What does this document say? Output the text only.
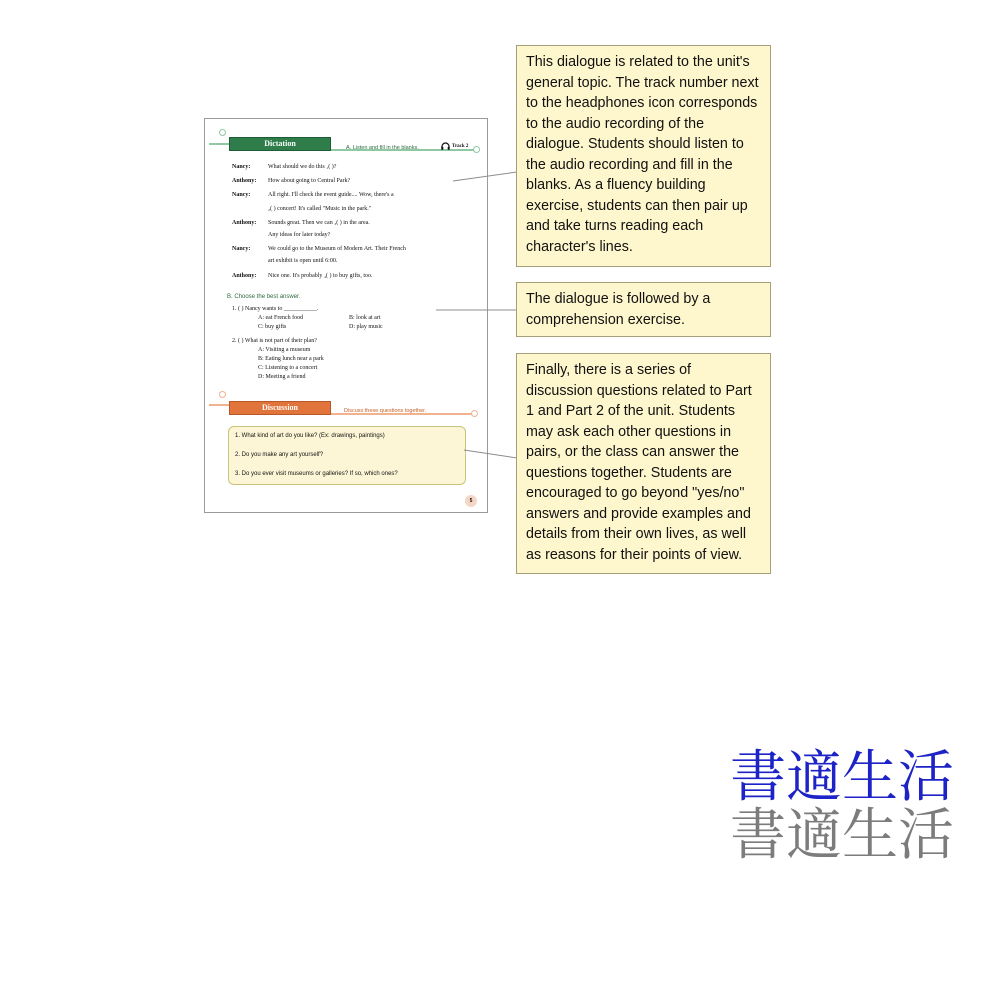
Dictation	A. Listen and fill in the blanks.	Track 2
Nancy:	What should we do this ₁( )?
Anthony: How about going to Central Park?
Nancy:	All right. I'll check the event guide.... Wow, there's a
₂( ) concert! It's called "Music in the park."
Anthony: Sounds great. Then we can ₃( ) in the area.
Any ideas for later today?
Nancy:	We could go to the Museum of Modern Art. Their French
art exhibit is open until 6:00.
Anthony: Nice one. It's probably ₄( ) to buy gifts, too.
B. Choose the best answer.
1. ( ) Nancy wants to ___________.
A: eat French food	B: look at art
C: buy gifts	D: play music
2. ( ) What is not part of their plan?
A: Visiting a museum
B: Eating lunch near a park
C: Listening to a concert
D: Meeting a friend
Discussion	Discuss these questions together.
1. What kind of art do you like? (Ex: drawings, paintings)
2. Do you make any art yourself?
3. Do you ever visit museums or galleries? If so, which ones?
5
This dialogue is related to the unit's general topic. The track number next to the headphones icon corresponds to the audio recording of the dialogue. Students should listen to the audio recording and fill in the blanks. As a fluency building exercise, students can then pair up and take turns reading each character's lines.
The dialogue is followed by a comprehension exercise.
Finally, there is a series of discussion questions related to Part 1 and Part 2 of the unit. Students may ask each other questions in pairs, or the class can answer the questions together. Students are encouraged to go beyond "yes/no" answers and provide examples and details from their own lives, as well as reasons for their points of view.
書適生活
書適生活
